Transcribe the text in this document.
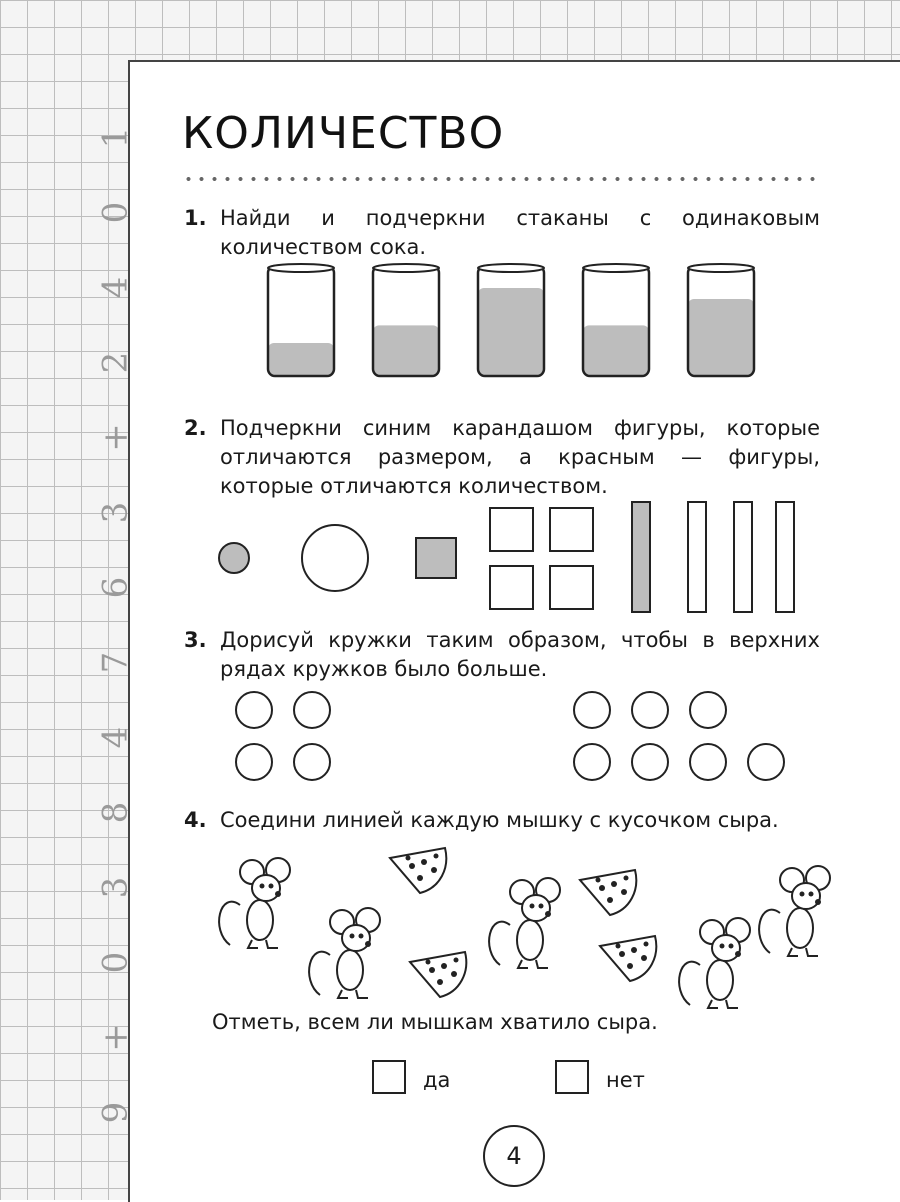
1
0
4
2
+
3
6
7
4
8
3
0
+
9
КОЛИЧЕСТВО
1. Найди и подчеркни стаканы с одинаковым количеством сока.
2. Подчеркни синим карандашом фигуры, которые отличаются размером, а красным — фигуры, которые отличаются количеством.
3. Дорисуй кружки таким образом, чтобы в верхних рядах кружков было больше.
4. Соедини линией каждую мышку с кусочком сыра.
Отметь, всем ли мышкам хватило сыра.
да	нет
4
